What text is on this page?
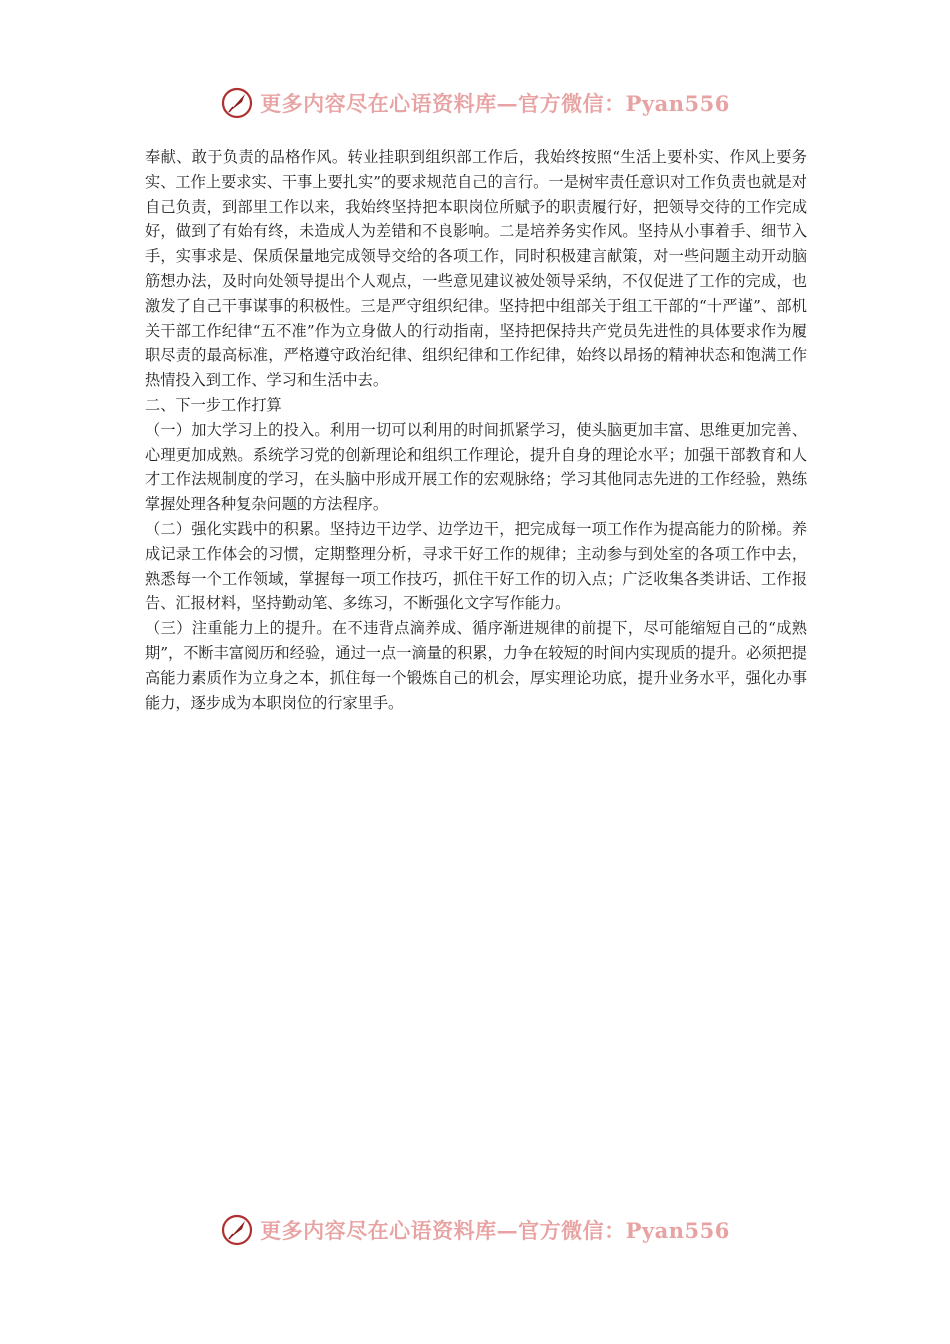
更多内容尽在心语资料库—官方微信：Pyan556

奉献、敢于负责的品格作风。转业挂职到组织部工作后，我始终按照“生活上要朴实、作风上要务实、工作上要求实、干事上要扎实”的要求规范自己的言行。一是树牢责任意识对工作负责也就是对自己负责，到部里工作以来，我始终坚持把本职岗位所赋予的职责履行好，把领导交待的工作完成好，做到了有始有终，未造成人为差错和不良影响。二是培养务实作风。坚持从小事着手、细节入手，实事求是、保质保量地完成领导交给的各项工作，同时积极建言献策，对一些问题主动开动脑筋想办法，及时向处领导提出个人观点，一些意见建议被处领导采纳，不仅促进了工作的完成，也激发了自己干事谋事的积极性。三是严守组织纪律。坚持把中组部关于组工干部的“十严谨”、部机关干部工作纪律“五不准”作为立身做人的行动指南，坚持把保持共产党员先进性的具体要求作为履职尽责的最高标准，严格遵守政治纪律、组织纪律和工作纪律，始终以昂扬的精神状态和饱满工作热情投入到工作、学习和生活中去。

二、下一步工作打算

（一）加大学习上的投入。利用一切可以利用的时间抓紧学习，使头脑更加丰富、思维更加完善、心理更加成熟。系统学习党的创新理论和组织工作理论，提升自身的理论水平；加强干部教育和人才工作法规制度的学习，在头脑中形成开展工作的宏观脉络；学习其他同志先进的工作经验，熟练掌握处理各种复杂问题的方法程序。

（二）强化实践中的积累。坚持边干边学、边学边干，把完成每一项工作作为提高能力的阶梯。养成记录工作体会的习惯，定期整理分析，寻求干好工作的规律；主动参与到处室的各项工作中去，熟悉每一个工作领域，掌握每一项工作技巧，抓住干好工作的切入点；广泛收集各类讲话、工作报告、汇报材料，坚持勤动笔、多练习，不断强化文字写作能力。

（三）注重能力上的提升。在不违背点滴养成、循序渐进规律的前提下，尽可能缩短自己的“成熟期”，不断丰富阅历和经验，通过一点一滴量的积累，力争在较短的时间内实现质的提升。必须把提高能力素质作为立身之本，抓住每一个锻炼自己的机会，厚实理论功底，提升业务水平，强化办事能力，逐步成为本职岗位的行家里手。

更多内容尽在心语资料库—官方微信：Pyan556
